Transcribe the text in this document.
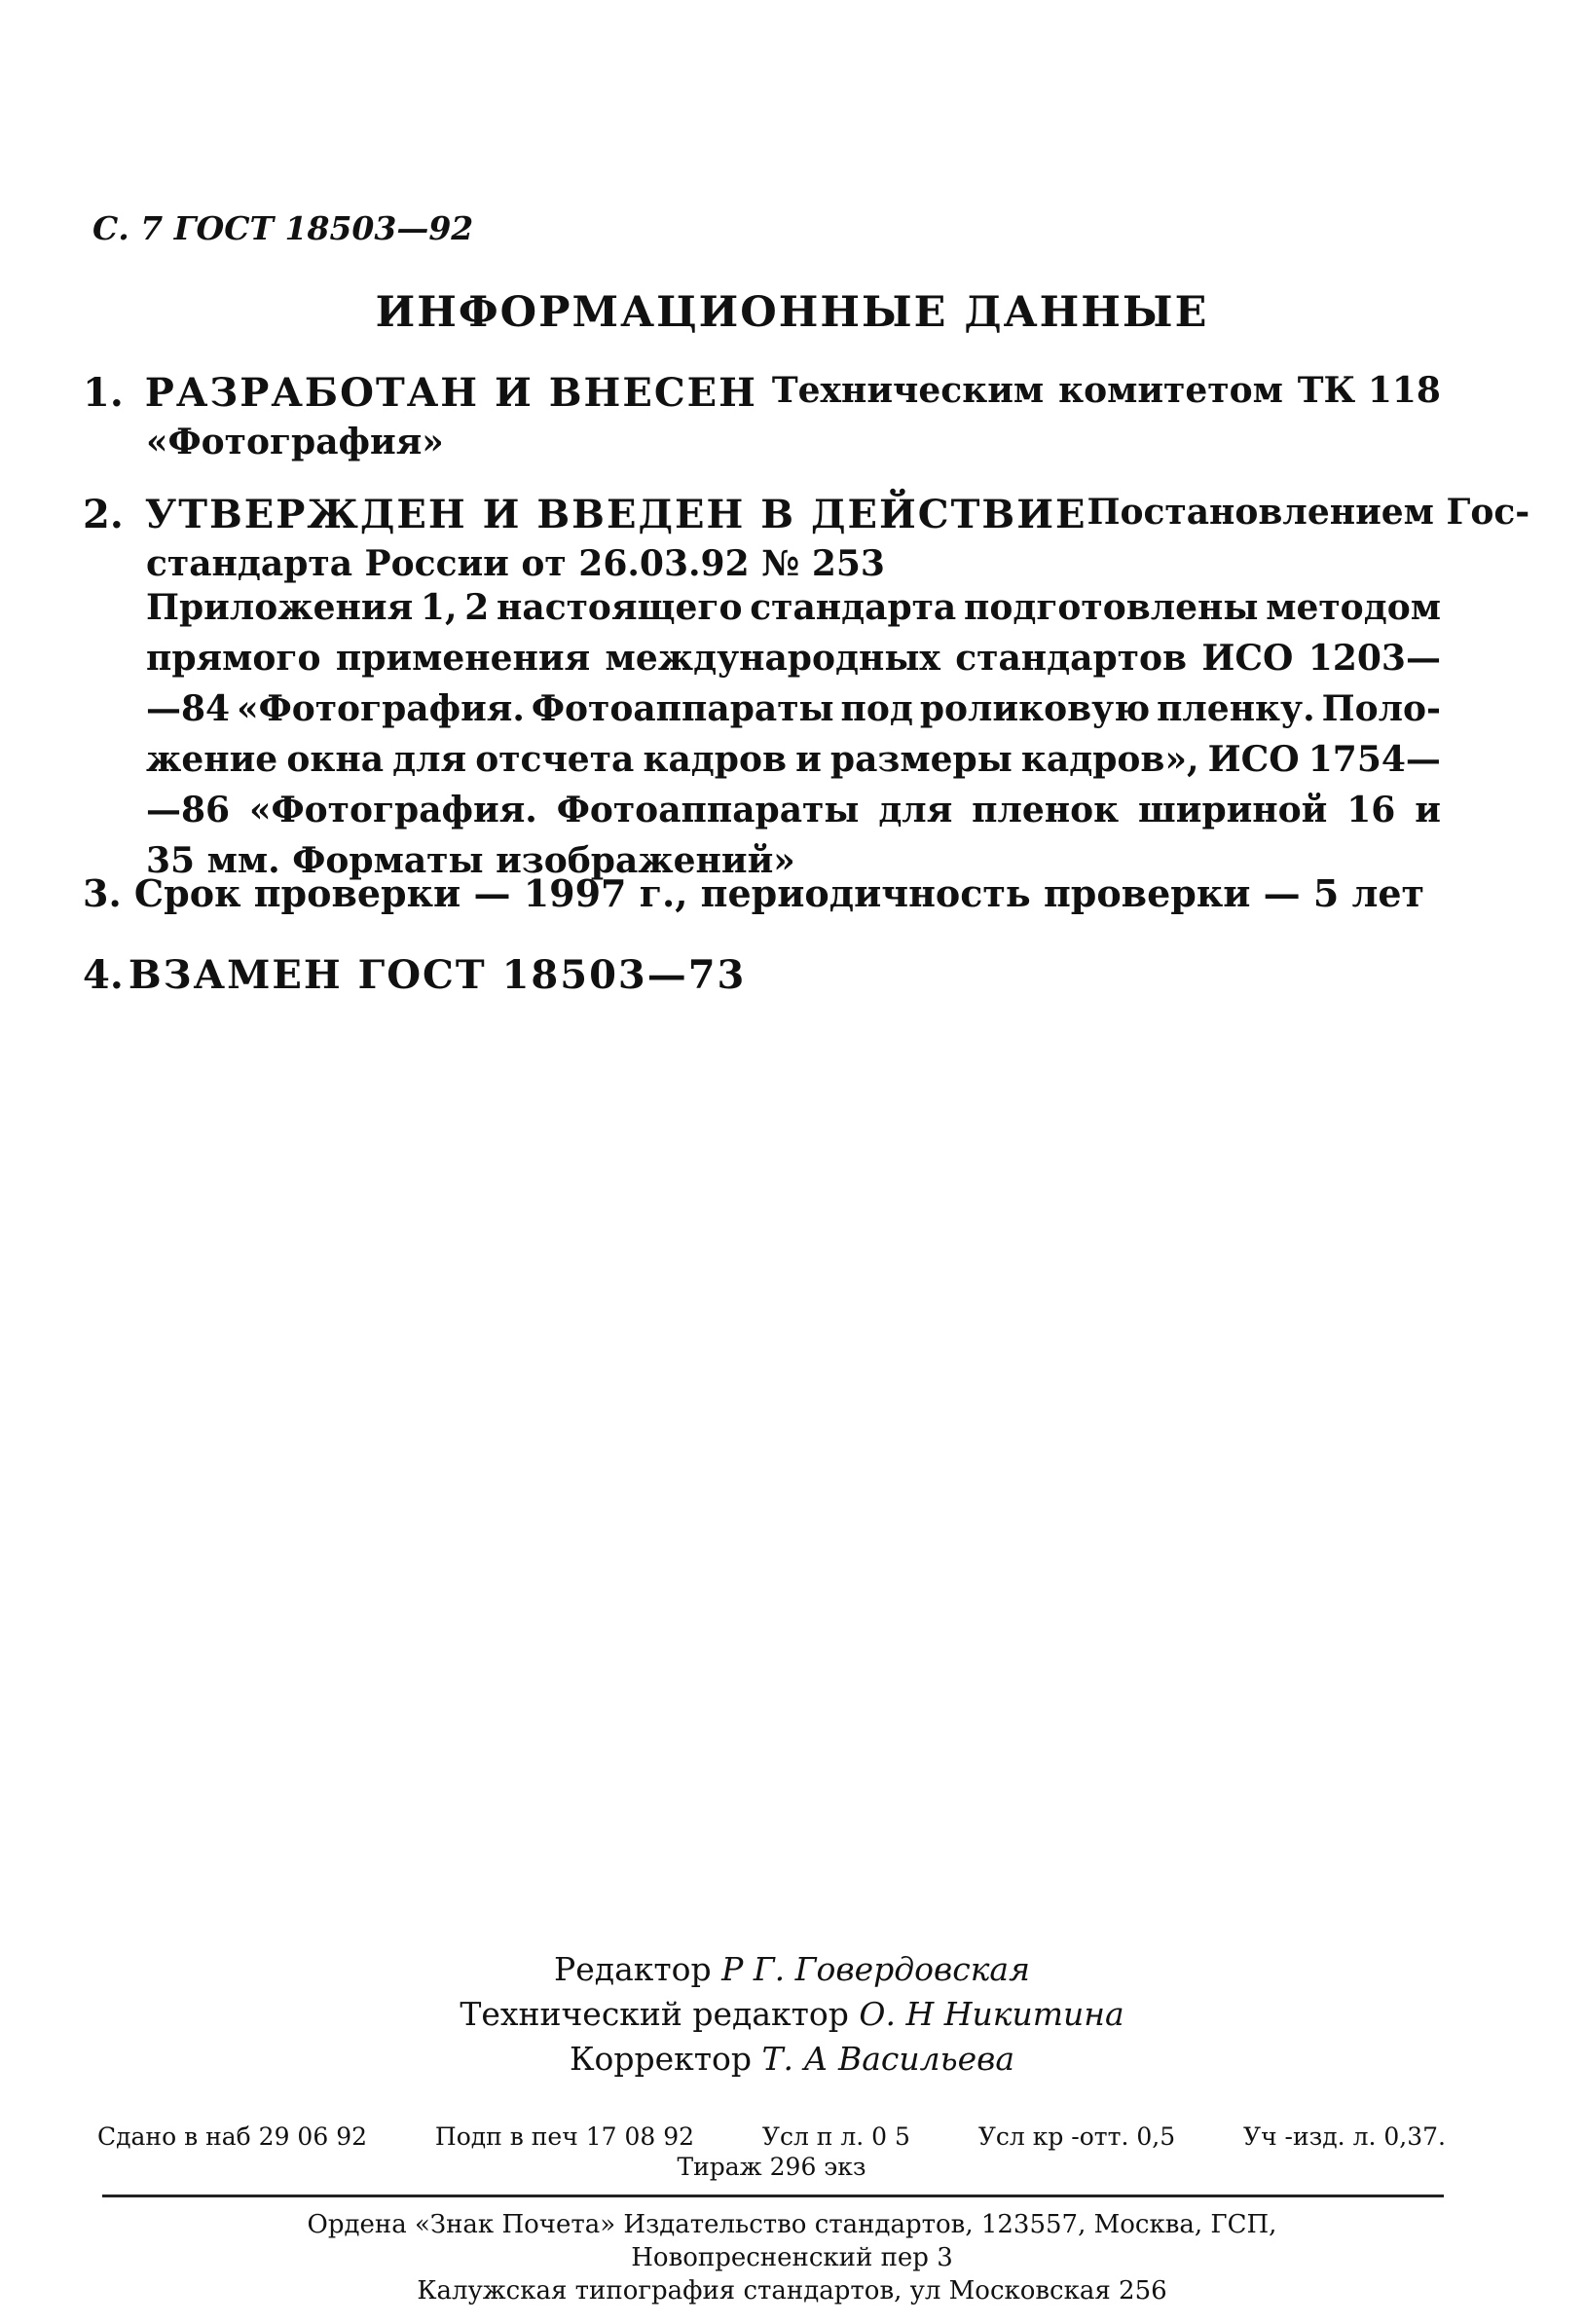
С. 7 ГОСТ 18503—92
ИНФОРМАЦИОННЫЕ ДАННЫЕ
1. РАЗРАБОТАН И ВНЕСЕН Техническим комитетом ТК 118
«Фотография»
2. УТВЕРЖДЕН И ВВЕДЕН В ДЕЙСТВИЕ Постановлением Гос-
стандарта России от 26.03.92 № 253
Приложения 1, 2 настоящего стандарта подготовлены методом
прямого применения международных стандартов ИСО 1203—
—84 «Фотография. Фотоаппараты под роликовую пленку. Поло-
жение окна для отсчета кадров и размеры кадров», ИСО 1754—
—86 «Фотография. Фотоаппараты для пленок шириной 16 и
35 мм. Форматы изображений»
3. Срок проверки — 1997 г., периодичность проверки — 5 лет
4. ВЗАМЕН ГОСТ 18503—73
Редактор Р Г. Говердовская
Технический редактор О. Н Никитина
Корректор Т. А Васильева
Сдано в наб 29 06 92	Подп в печ 17 08 92	Усл п л. 0 5	Усл кр -отт. 0,5	Уч -изд. л. 0,37.
Тираж 296 экз
Ордена «Знак Почета» Издательство стандартов, 123557, Москва, ГСП,
Новопресненский пер 3
Калужская типография стандартов, ул Московская 256
